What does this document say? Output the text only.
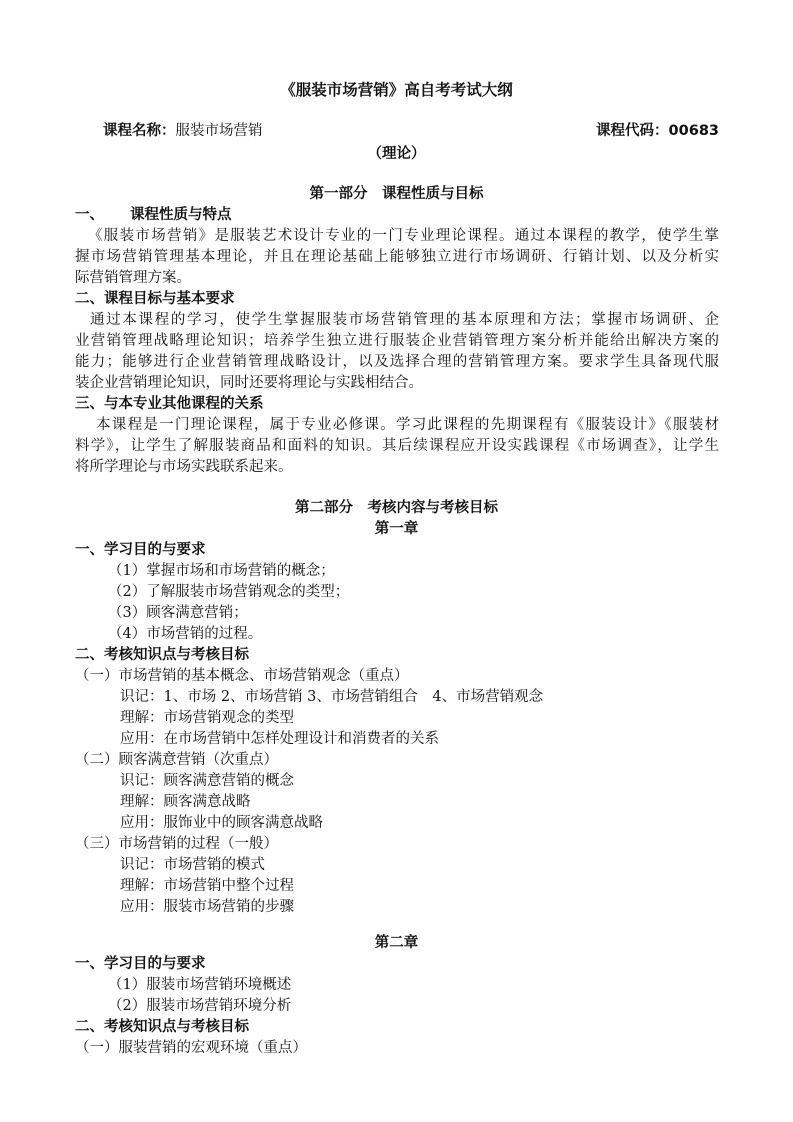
《服装市场营销》高自考考试大纲
课程名称：服装市场营销	课程代码：00683
（理论）
第一部分　课程性质与目标
一、 课程性质与特点
《服装市场营销》是服装艺术设计专业的一门专业理论课程。通过本课程的教学，使学生掌
握市场营销管理基本理论，并且在理论基础上能够独立进行市场调研、行销计划、以及分析实
际营销管理方案。
二、课程目标与基本要求
通过本课程的学习，使学生掌握服装市场营销管理的基本原理和方法；掌握市场调研、企
业营销管理战略理论知识；培养学生独立进行服装企业营销管理方案分析并能给出解决方案的
能力；能够进行企业营销管理战略设计，以及选择合理的营销管理方案。要求学生具备现代服
装企业营销理论知识，同时还要将理论与实践相结合。
三、与本专业其他课程的关系
本课程是一门理论课程，属于专业必修课。学习此课程的先期课程有《服装设计》《服装材
料学》，让学生了解服装商品和面料的知识。其后续课程应开设实践课程《市场调查》，让学生
将所学理论与市场实践联系起来。
第二部分　考核内容与考核目标
第一章
一、学习目的与要求
（1）掌握市场和市场营销的概念；
（2）了解服装市场营销观念的类型；
（3）顾客满意营销；
（4）市场营销的过程。
二、考核知识点与考核目标
（一）市场营销的基本概念、市场营销观念（重点）
识记：1、市场 2、市场营销 3、市场营销组合　4、市场营销观念
理解：市场营销观念的类型
应用：在市场营销中怎样处理设计和消费者的关系
（二）顾客满意营销（次重点）
识记：顾客满意营销的概念
理解：顾客满意战略
应用：服饰业中的顾客满意战略
（三）市场营销的过程（一般）
识记：市场营销的模式
理解：市场营销中整个过程
应用：服装市场营销的步骤
第二章
一、学习目的与要求
（1）服装市场营销环境概述
（2）服装市场营销环境分析
二、考核知识点与考核目标
（一）服装营销的宏观环境（重点）
